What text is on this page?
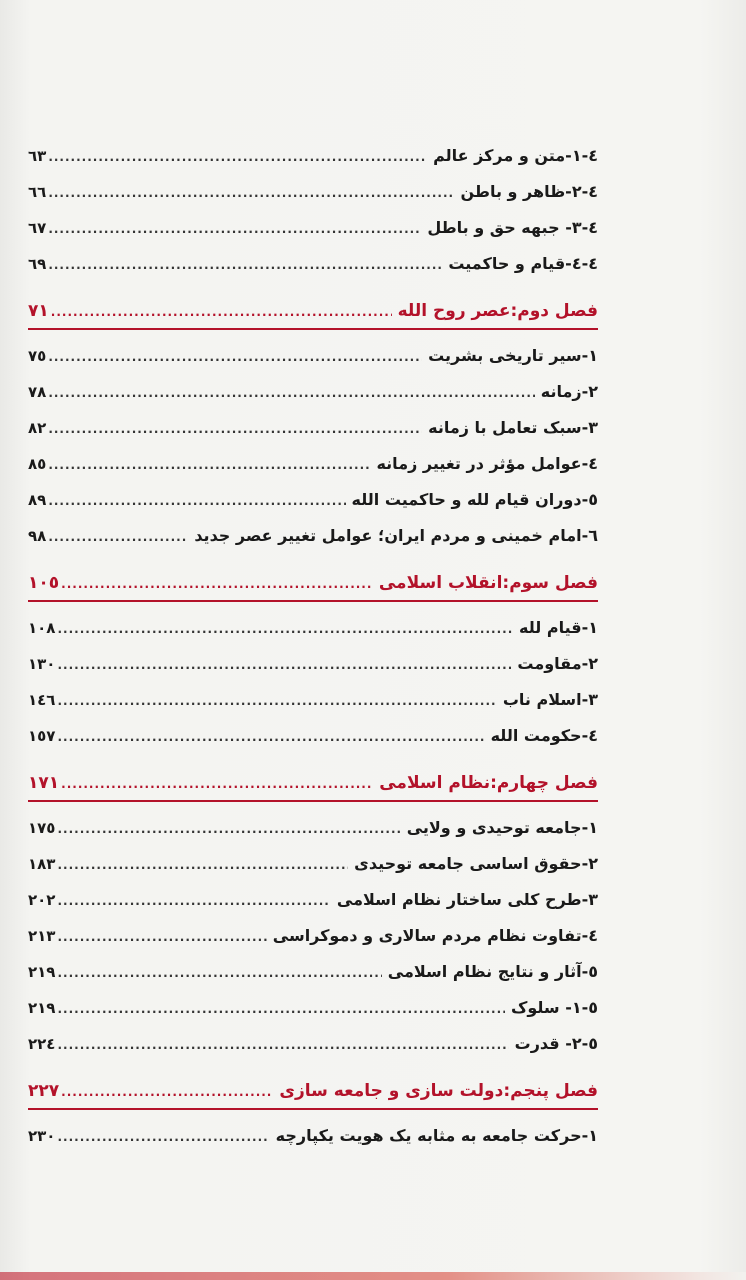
٤-١-متن و مرکز عالم
.....
٦٣
٤-٢-ظاهر و باطن
.....
٦٦
٤-٣- جبهه حق و باطل
.....
٦٧
٤-٤-قیام و حاکمیت
.....
٦٩
فصل دوم:عصر روح الله
.....
٧١
١-سیر تاریخی بشریت
.....
٧٥
٢-زمانه
.....
٧٨
٣-سبک تعامل با زمانه
.....
٨٢
٤-عوامل مؤثر در تغییر زمانه
.....
٨٥
٥-دوران قیام لله و حاکمیت الله
.....
٨٩
٦-امام خمینی و مردم ایران؛ عوامل تغییر عصر جدید
.....
٩٨
فصل سوم:انقلاب اسلامی
.....
١٠٥
١-قیام لله
.....
١٠٨
٢-مقاومت
.....
١٣٠
٣-اسلام ناب
.....
١٤٦
٤-حکومت الله
.....
١٥٧
فصل چهارم:نظام اسلامی
.....
١٧١
١-جامعه توحیدی و ولایی
.....
١٧٥
٢-حقوق اساسی جامعه توحیدی
.....
١٨٣
٣-طرح کلی ساختار نظام اسلامی
.....
٢٠٢
٤-تفاوت نظام مردم سالاری و دموکراسی
.....
٢١٣
٥-آثار و نتایج نظام اسلامی
.....
٢١٩
٥-١- سلوک
.....
٢١٩
٥-٢- قدرت
.....
٢٢٤
فصل پنجم:دولت سازی و جامعه سازی
.....
٢٢٧
١-حرکت جامعه به مثابه یک هویت یکپارچه
.....
٢٣٠
